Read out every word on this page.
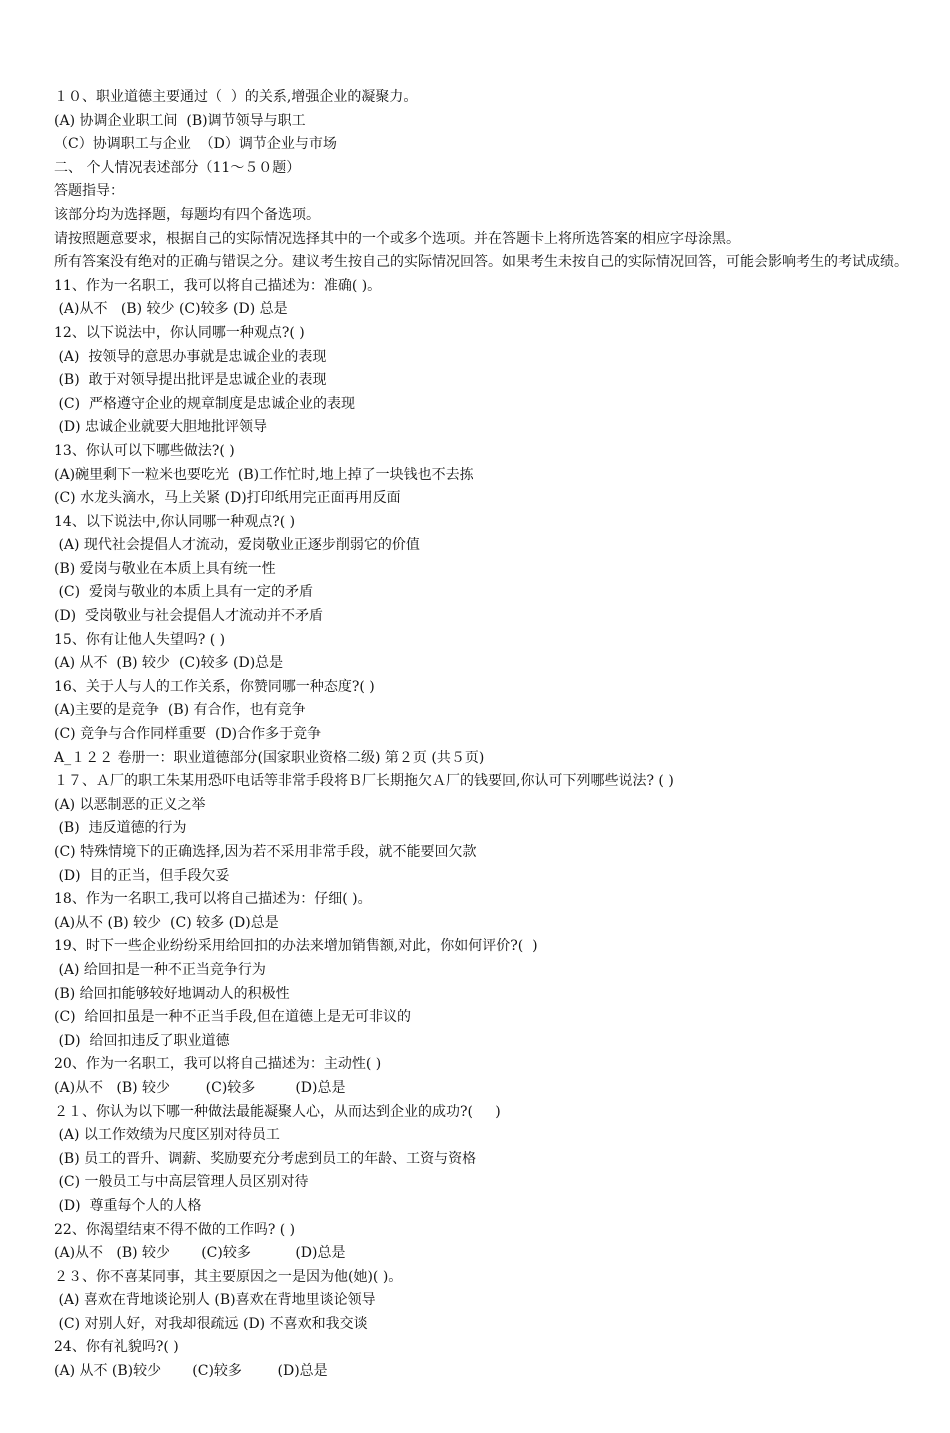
１０、职业道德主要通过（  ）的关系,增强企业的凝聚力。
(A) 协调企业职工间  (B)调节领导与职工
（C）协调职工与企业  （D）调节企业与市场
二、 个人情况表述部分（11～５０题）
答题指导：
该部分均为选择题，每题均有四个备选项。
请按照题意要求，根据自己的实际情况选择其中的一个或多个选项。并在答题卡上将所选答案的相应字母涂黑。
所有答案没有绝对的正确与错误之分。建议考生按自己的实际情况回答。如果考生未按自己的实际情况回答，可能会影响考生的考试成绩。
11、作为一名职工，我可以将自己描述为：准确( )。
(A)从不   (B) 较少 (C)较多 (D) 总是
12、以下说法中，你认同哪一种观点?( )
(A)  按领导的意思办事就是忠诚企业的表现
(B)  敢于对领导提出批评是忠诚企业的表现
(C)  严格遵守企业的规章制度是忠诚企业的表现
(D) 忠诚企业就要大胆地批评领导
13、你认可以下哪些做法?( )
(A)碗里剩下一粒米也要吃光  (B)工作忙时,地上掉了一块钱也不去拣
(C) 水龙头滴水，马上关紧 (D)打印纸用完正面再用反面
14、以下说法中,你认同哪一种观点?( )
(A) 现代社会提倡人才流动，爱岗敬业正逐步削弱它的价值
(B) 爱岗与敬业在本质上具有统一性
(C)  爱岗与敬业的本质上具有一定的矛盾
(D)  受岗敬业与社会提倡人才流动并不矛盾
15、你有让他人失望吗? ( )
(A) 从不  (B) 较少  (C)较多 (D)总是
16、关于人与人的工作关系，你赞同哪一种态度?( )
(A)主要的是竞争  (B) 有合作，也有竞争
(C) 竞争与合作同样重要  (D)合作多于竞争
A_１２２ 卷册一：职业道德部分(国家职业资格二级) 第２页 (共５页)
１７、Ａ厂的职工朱某用恐吓电话等非常手段将Ｂ厂长期拖欠Ａ厂的钱要回,你认可下列哪些说法? ( )
(A) 以恶制恶的正义之举
(B)  违反道德的行为
(C) 特殊情境下的正确选择,因为若不采用非常手段，就不能要回欠款
(D)  目的正当，但手段欠妥
18、作为一名职工,我可以将自己描述为：仔细( )。
(A)从不 (B) 较少  (C) 较多 (D)总是
19、时下一些企业纷纷采用给回扣的办法来增加销售额,对此，你如何评价?(  )
(A) 给回扣是一种不正当竞争行为
(B) 给回扣能够较好地调动人的积极性
(C)  给回扣虽是一种不正当手段,但在道德上是无可非议的
(D)  给回扣违反了职业道德
20、作为一名职工，我可以将自己描述为：主动性( )
(A)从不   (B) 较少        (C)较多         (D)总是
２１、你认为以下哪一种做法最能凝聚人心，从而达到企业的成功?(     )
(A) 以工作效绩为尺度区别对待员工
(B) 员工的晋升、调薪、奖励要充分考虑到员工的年龄、工资与资格
(C) 一般员工与中高层管理人员区别对待
(D)  尊重每个人的人格
22、你渴望结束不得不做的工作吗? ( )
(A)从不   (B) 较少       (C)较多          (D)总是
２３、你不喜某同事，其主要原因之一是因为他(她)( )。
(A) 喜欢在背地谈论别人 (B)喜欢在背地里谈论领导
(C) 对别人好，对我却很疏远 (D) 不喜欢和我交谈
24、你有礼貌吗?( )
(A) 从不 (B)较少       (C)较多        (D)总是
